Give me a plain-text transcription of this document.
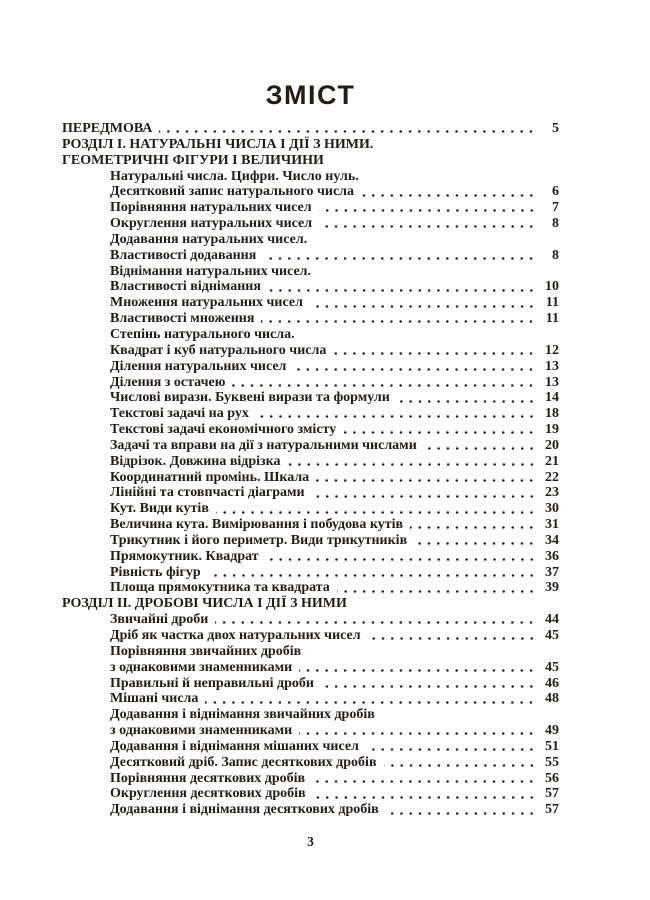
ЗМІСТ
ПЕРЕДМОВА	5
РОЗДІЛ І. НАТУРАЛЬНІ ЧИСЛА І ДІЇ З НИМИ.
ГЕОМЕТРИЧНІ ФІГУРИ І ВЕЛИЧИНИ
Натуральні числа. Цифри. Число нуль.
Десятковий запис натурального числа	6
Порівняння натуральних чисел	7
Округлення натуральних чисел	8
Додавання натуральних чисел.
Властивості додавання	8
Віднімання натуральних чисел.
Властивості віднімання	10
Множення натуральних чисел	11
Властивості множення	11
Степінь натурального числа.
Квадрат і куб натурального числа	12
Ділення натуральних чисел	13
Ділення з остачею	13
Числові вирази. Буквені вирази та формули	14
Текстові задачі на рух	18
Текстові задачі економічного змісту	19
Задачі та вправи на дії з натуральними числами	20
Відрізок. Довжина відрізка	21
Координатний промінь. Шкала	22
Лінійні та стовпчасті діаграми	23
Кут. Види кутів	30
Величина кута. Вимірювання і побудова кутів	31
Трикутник і його периметр. Види трикутників	34
Прямокутник. Квадрат	36
Рівність фігур	37
Площа прямокутника та квадрата	39
РОЗДІЛ ІІ. ДРОБОВІ ЧИСЛА І ДІЇ З НИМИ
Звичайні дроби	44
Дріб як частка двох натуральних чисел	45
Порівняння звичайних дробів
з однаковими знаменниками	45
Правильні й неправильні дроби	46
Мішані числа	48
Додавання і віднімання звичайних дробів
з однаковими знаменниками	49
Додавання і віднімання мішаних чисел	51
Десятковий дріб. Запис десяткових дробів	55
Порівняння десяткових дробів	56
Округлення десяткових дробів	57
Додавання і віднімання десяткових дробів	57
3
